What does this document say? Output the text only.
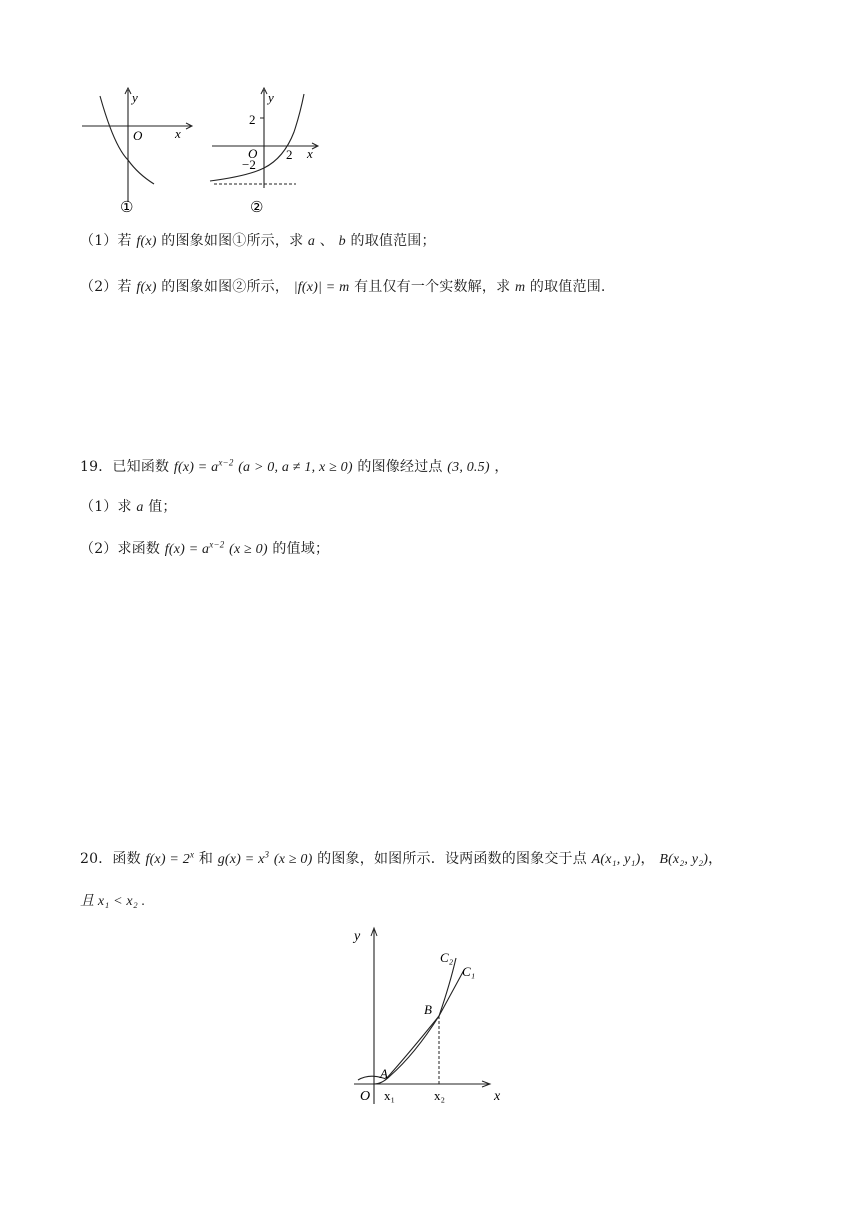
y
x
O
①
y
x
O
2
−2
2
②
（1）若 f(x) 的图象如图①所示，求 a 、 b 的取值范围；
（2）若 f(x) 的图象如图②所示， |f(x)| = m 有且仅有一个实数解，求 m 的取值范围.
19．已知函数 $f(x) = a^{x-2}$ (a > 0, a ≠ 1, x ≥ 0) 的图像经过点 (3, 0.5) ，
（1）求 a 值；
（2）求函数 $f(x) = a^{x-2}$ (x ≥ 0) 的值域；
20．函数 $f(x) = 2^x$ 和 $g(x) = x^3$ (x ≥ 0) 的图象，如图所示．设两函数的图象交于点 A(x₁, y₁)， B(x₂, y₂)，
且 x₁ < x₂ .
y
x
O
A
B
x₁	x₂
C₂
C₁
